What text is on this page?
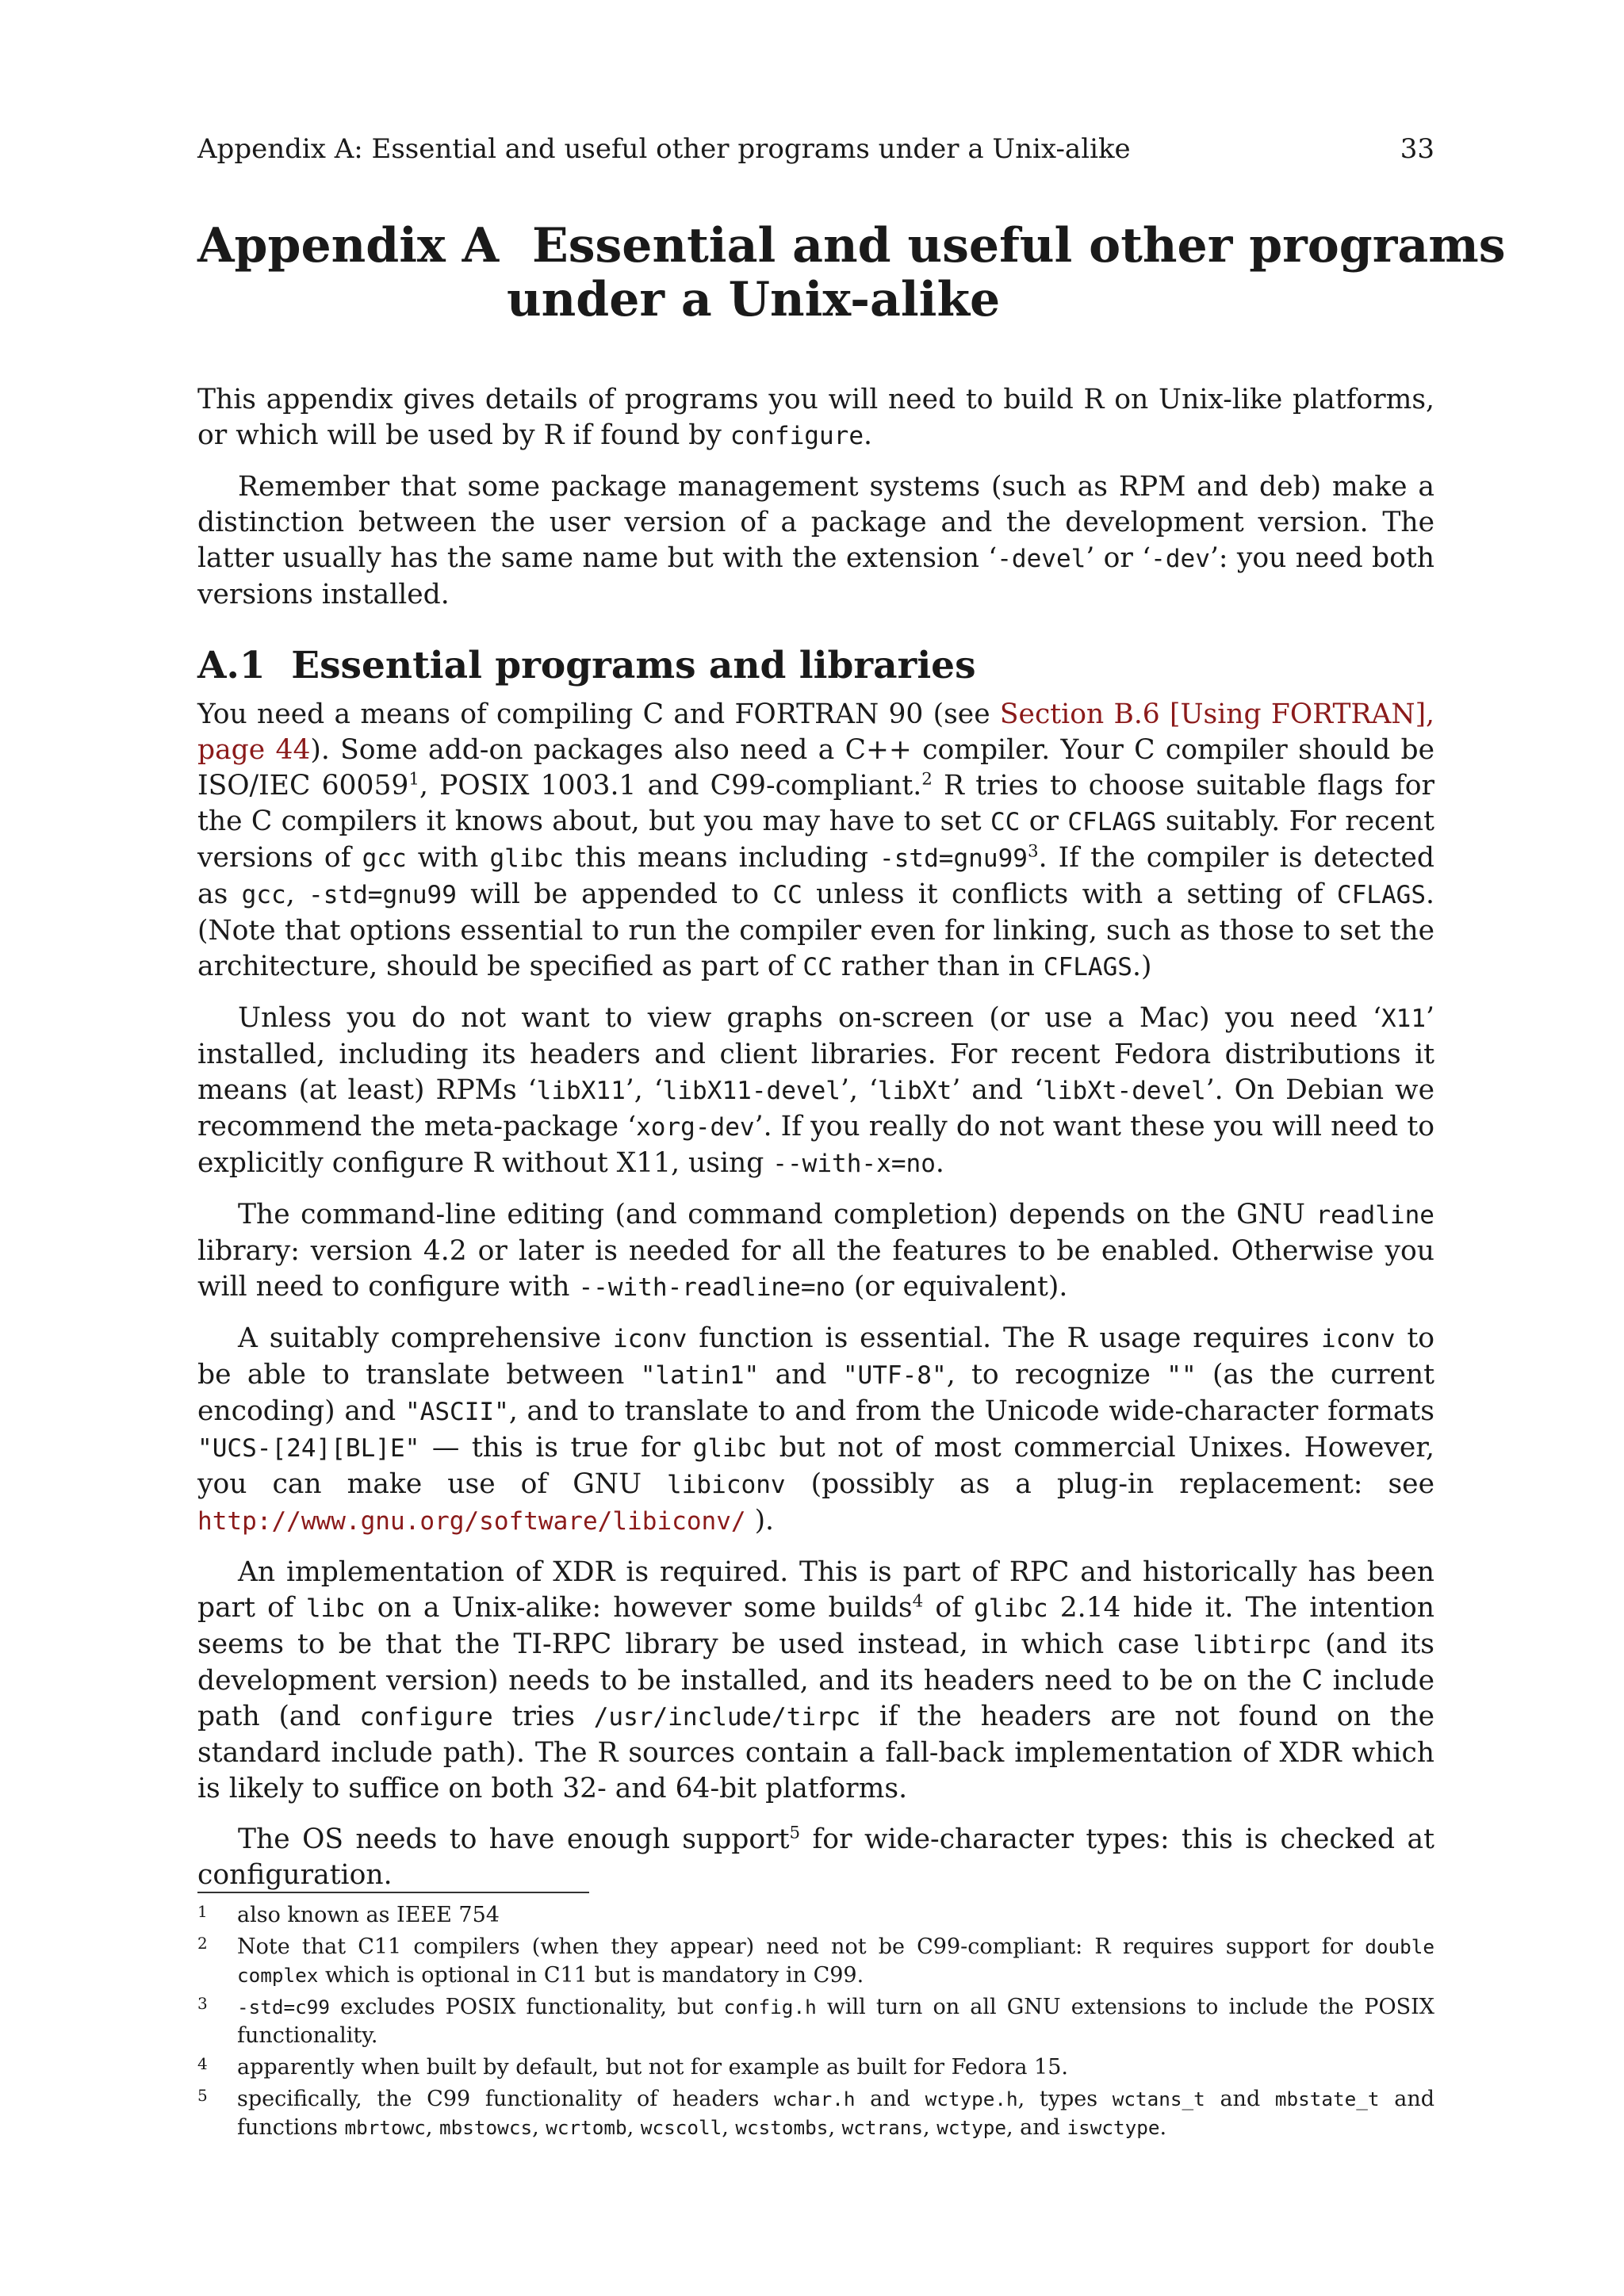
Appendix A: Essential and useful other programs under a Unix-alike	33
Appendix A  Essential and useful other programs
under a Unix-alike

This appendix gives details of programs you will need to build R on Unix-like platforms, or which will be used by R if found by configure.

Remember that some package management systems (such as RPM and deb) make a distinction between the user version of a package and the development version. The latter usually has the same name but with the extension ‘-devel’ or ‘-dev’: you need both versions installed.

A.1  Essential programs and libraries

You need a means of compiling C and FORTRAN 90 (see Section B.6 [Using FORTRAN], page 44). Some add-on packages also need a C++ compiler. Your C compiler should be ISO/IEC 60059$^1$, POSIX 1003.1 and C99-compliant.$^2$ R tries to choose suitable flags for the C compilers it knows about, but you may have to set CC or CFLAGS suitably. For recent versions of gcc with glibc this means including $-std=gnu99^3$. If the compiler is detected as gcc, -std=gnu99 will be appended to CC unless it conflicts with a setting of CFLAGS. (Note that options essential to run the compiler even for linking, such as those to set the architecture, should be specified as part of CC rather than in CFLAGS.)

Unless you do not want to view graphs on-screen (or use a Mac) you need ‘X11’ installed, including its headers and client libraries. For recent Fedora distributions it means (at least) RPMs ‘libX11’, ‘libX11-devel’, ‘libXt’ and ‘libXt-devel’. On Debian we recommend the meta-package ‘xorg-dev’. If you really do not want these you will need to explicitly configure R without X11, using --with-x=no.

The command-line editing (and command completion) depends on the GNU readline library: version 4.2 or later is needed for all the features to be enabled. Otherwise you will need to configure with --with-readline=no (or equivalent).

A suitably comprehensive iconv function is essential. The R usage requires iconv to be able to translate between "latin1" and "UTF-8", to recognize "" (as the current encoding) and "ASCII", and to translate to and from the Unicode wide-character formats "UCS-[24][BL]E" — this is true for glibc but not of most commercial Unixes. However, you can make use of GNU libiconv (possibly as a plug-in replacement: see http://www.gnu.org/software/libiconv/ ).

An implementation of XDR is required. This is part of RPC and historically has been part of libc on a Unix-alike: however some builds$^4$ of glibc 2.14 hide it. The intention seems to be that the TI-RPC library be used instead, in which case libtirpc (and its development version) needs to be installed, and its headers need to be on the C include path (and configure tries /usr/include/tirpc if the headers are not found on the standard include path). The R sources contain a fall-back implementation of XDR which is likely to suffice on both 32- and 64-bit platforms.

The OS needs to have enough support$^5$ for wide-character types: this is checked at configuration.

1	also known as IEEE 754
2	Note that C11 compilers (when they appear) need not be C99-compliant: R requires support for double complex which is optional in C11 but is mandatory in C99.
3	-std=c99 excludes POSIX functionality, but config.h will turn on all GNU extensions to include the POSIX functionality.
4	apparently when built by default, but not for example as built for Fedora 15.
5	specifically, the C99 functionality of headers wchar.h and wctype.h, types wctans_t and mbstate_t and functions mbrtowc, mbstowcs, wcrtomb, wcscoll, wcstombs, wctrans, wctype, and iswctype.
